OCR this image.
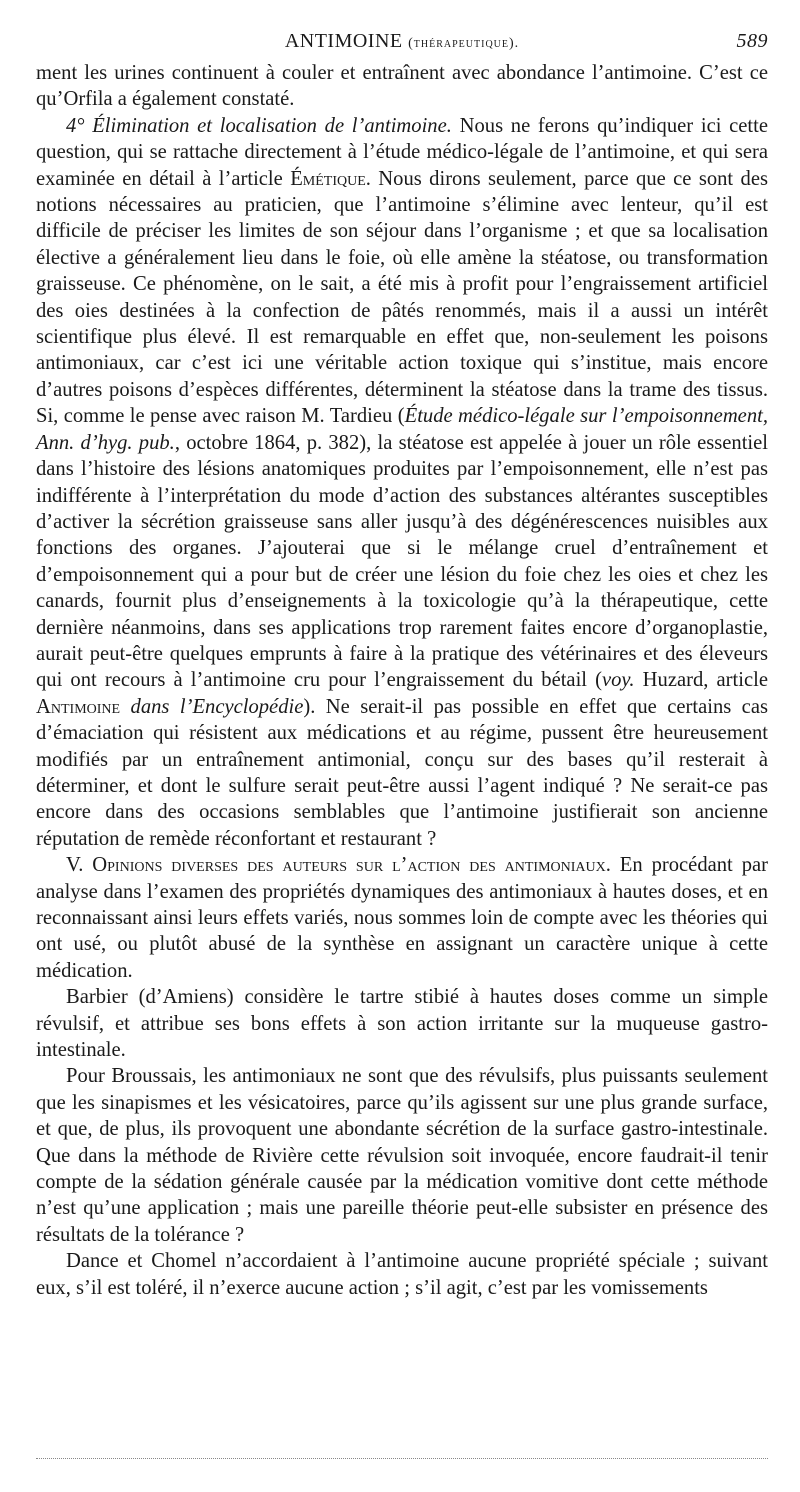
ANTIMOINE (thérapeutique).	589

ment les urines continuent à couler et entraînent avec abondance l’antimoine. C’est ce qu’Orfila a également constaté.

4° Élimination et localisation de l’antimoine. Nous ne ferons qu’indiquer ici cette question, qui se rattache directement à l’étude médico-légale de l’antimoine, et qui sera examinée en détail à l’article Émétique. Nous dirons seulement, parce que ce sont des notions nécessaires au praticien, que l’antimoine s’élimine avec lenteur, qu’il est difficile de préciser les limites de son séjour dans l’organisme ; et que sa localisation élective a généralement lieu dans le foie, où elle amène la stéatose, ou transformation graisseuse. Ce phénomène, on le sait, a été mis à profit pour l’engraissement artificiel des oies destinées à la confection de pâtés renommés, mais il a aussi un intérêt scientifique plus élevé. Il est remarquable en effet que, non-seulement les poisons antimoniaux, car c’est ici une véritable action toxique qui s’institue, mais encore d’autres poisons d’espèces différentes, déterminent la stéatose dans la trame des tissus. Si, comme le pense avec raison M. Tardieu (Étude médico-légale sur l’empoisonnement, Ann. d’hyg. pub., octobre 1864, p. 382), la stéatose est appelée à jouer un rôle essentiel dans l’histoire des lésions anatomiques produites par l’empoisonnement, elle n’est pas indifférente à l’interprétation du mode d’action des substances altérantes susceptibles d’activer la sécrétion graisseuse sans aller jusqu’à des dégénérescences nuisibles aux fonctions des organes. J’ajouterai que si le mélange cruel d’entraînement et d’empoisonnement qui a pour but de créer une lésion du foie chez les oies et chez les canards, fournit plus d’enseignements à la toxicologie qu’à la thérapeutique, cette dernière néanmoins, dans ses applications trop rarement faites encore d’organoplastie, aurait peut-être quelques emprunts à faire à la pratique des vétérinaires et des éleveurs qui ont recours à l’antimoine cru pour l’engraissement du bétail (voy. Huzard, article Antimoine dans l’Encyclopédie). Ne serait-il pas possible en effet que certains cas d’émaciation qui résistent aux médications et au régime, pussent être heureusement modifiés par un entraînement antimonial, conçu sur des bases qu’il resterait à déterminer, et dont le sulfure serait peut-être aussi l’agent indiqué ? Ne serait-ce pas encore dans des occasions semblables que l’antimoine justifierait son ancienne réputation de remède réconfortant et restaurant ?

V. Opinions diverses des auteurs sur l’action des antimoniaux. En procédant par analyse dans l’examen des propriétés dynamiques des antimoniaux à hautes doses, et en reconnaissant ainsi leurs effets variés, nous sommes loin de compte avec les théories qui ont usé, ou plutôt abusé de la synthèse en assignant un caractère unique à cette médication.

Barbier (d’Amiens) considère le tartre stibié à hautes doses comme un simple révulsif, et attribue ses bons effets à son action irritante sur la muqueuse gastro-intestinale.

Pour Broussais, les antimoniaux ne sont que des révulsifs, plus puissants seulement que les sinapismes et les vésicatoires, parce qu’ils agissent sur une plus grande surface, et que, de plus, ils provoquent une abondante sécrétion de la surface gastro-intestinale. Que dans la méthode de Rivière cette révulsion soit invoquée, encore faudrait-il tenir compte de la sédation générale causée par la médication vomitive dont cette méthode n’est qu’une application ; mais une pareille théorie peut-elle subsister en présence des résultats de la tolérance ?

Dance et Chomel n’accordaient à l’antimoine aucune propriété spéciale ; suivant eux, s’il est toléré, il n’exerce aucune action ; s’il agit, c’est par les vomissements
